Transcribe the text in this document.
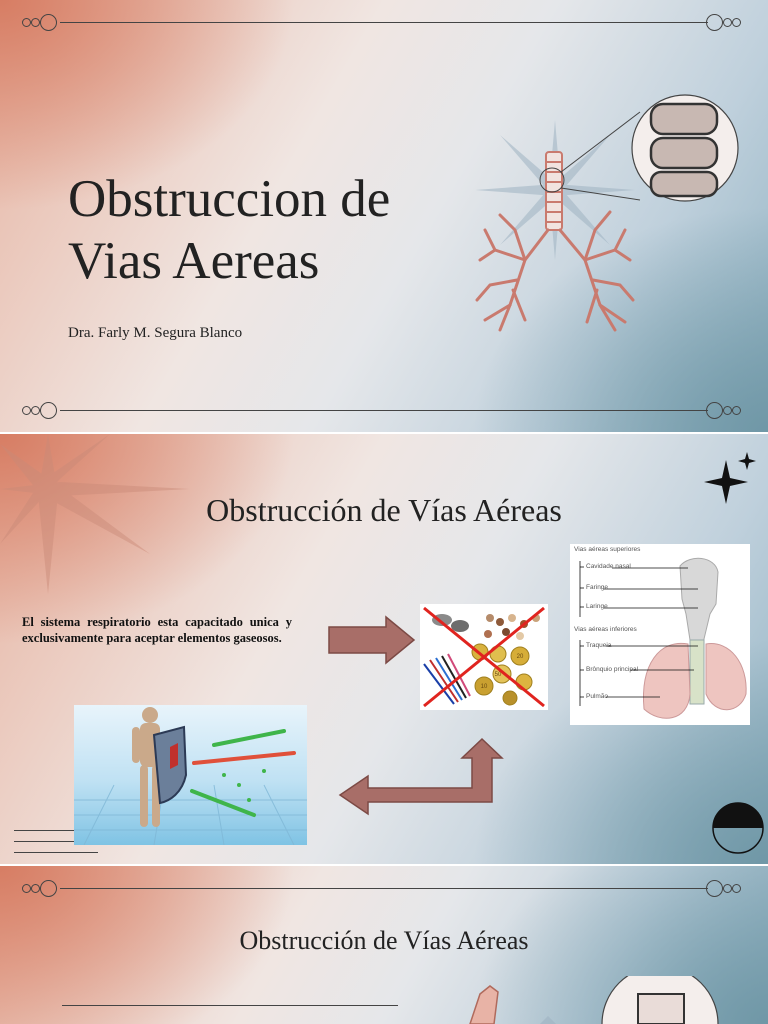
Obstruccion de
Vias Aereas
Dra. Farly M. Segura Blanco
Obstrucción de Vías Aéreas
El sistema respiratorio esta capacitado unica y exclusivamente para aceptar elementos gaseosos.
50
20
10
Vias aéreas superiores
Cavidade nasal
Faringe
Laringe
Vias aéreas inferiores
Traqueia
Brônquio principal
Pulmão
Obstrucción de Vías Aéreas
